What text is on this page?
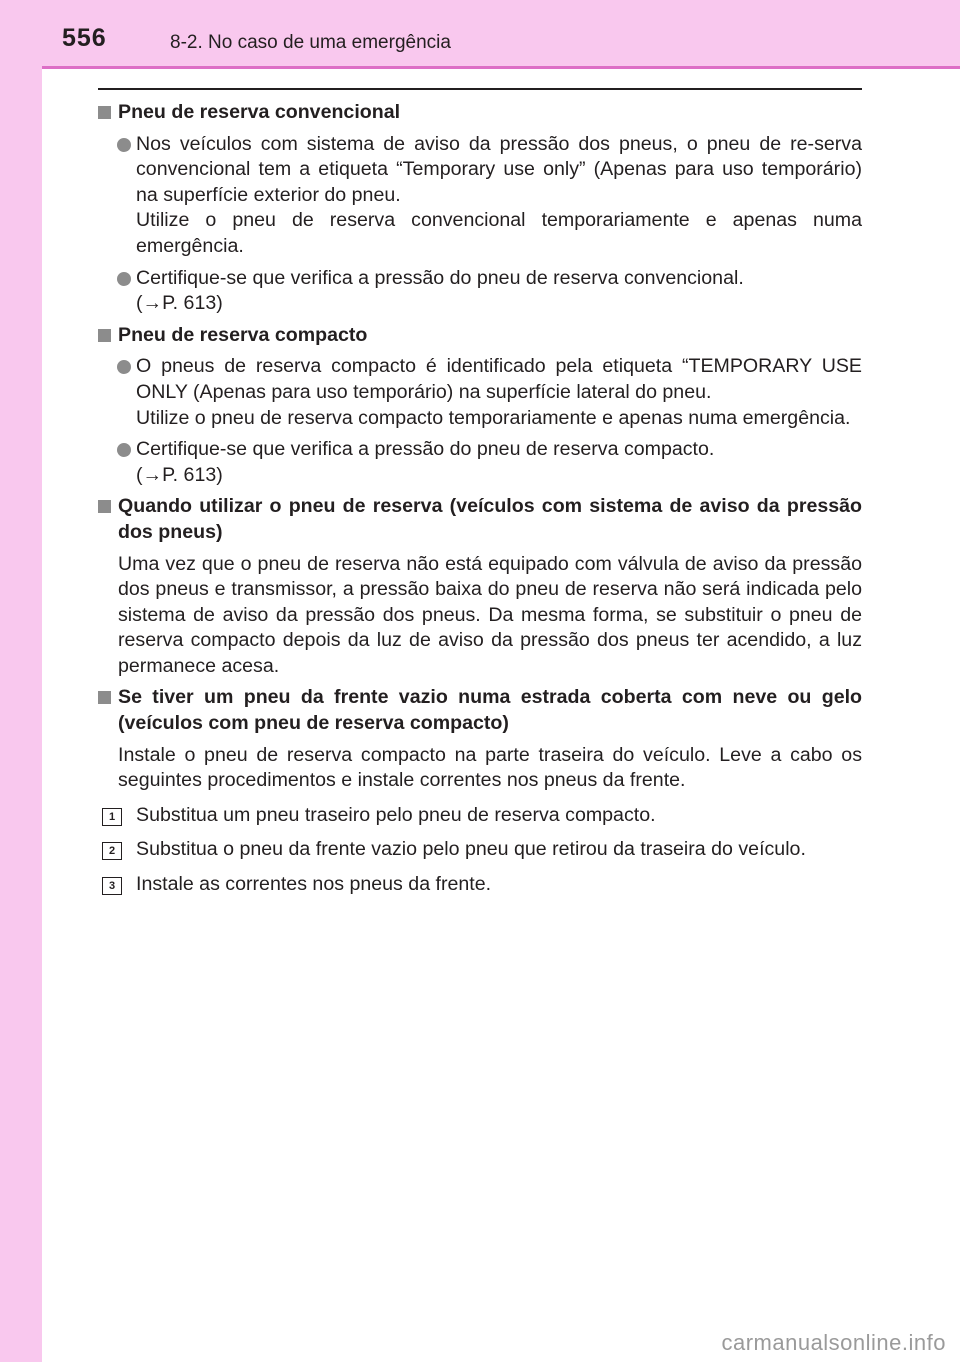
556	8-2. No caso de uma emergência
Pneu de reserva convencional

Nos veículos com sistema de aviso da pressão dos pneus, o pneu de re-serva convencional tem a etiqueta “Temporary use only” (Apenas para uso temporário) na superfície exterior do pneu.

Utilize o pneu de reserva convencional temporariamente e apenas numa emergência.

Certifique-se que verifica a pressão do pneu de reserva convencional.

(→P. 613)
Pneu de reserva compacto

O pneus de reserva compacto é identificado pela etiqueta “TEMPORARY USE ONLY (Apenas para uso temporário) na superfície lateral do pneu.

Utilize o pneu de reserva compacto temporariamente e apenas numa emergência.

Certifique-se que verifica a pressão do pneu de reserva compacto.

(→P. 613)
Quando utilizar o pneu de reserva (veículos com sistema de aviso da pressão dos pneus)
Uma vez que o pneu de reserva não está equipado com válvula de aviso da pressão dos pneus e transmissor, a pressão baixa do pneu de reserva não será indicada pelo sistema de aviso da pressão dos pneus. Da mesma forma, se substituir o pneu de reserva compacto depois da luz de aviso da pressão dos pneus ter acendido, a luz permanece acesa.
Se tiver um pneu da frente vazio numa estrada coberta com neve ou gelo (veículos com pneu de reserva compacto)
Instale o pneu de reserva compacto na parte traseira do veículo. Leve a cabo os seguintes procedimentos e instale correntes nos pneus da frente.
1	Substitua um pneu traseiro pelo pneu de reserva compacto.
2	Substitua o pneu da frente vazio pelo pneu que retirou da traseira do veículo.
3	Instale as correntes nos pneus da frente.
carmanualsonline.info
